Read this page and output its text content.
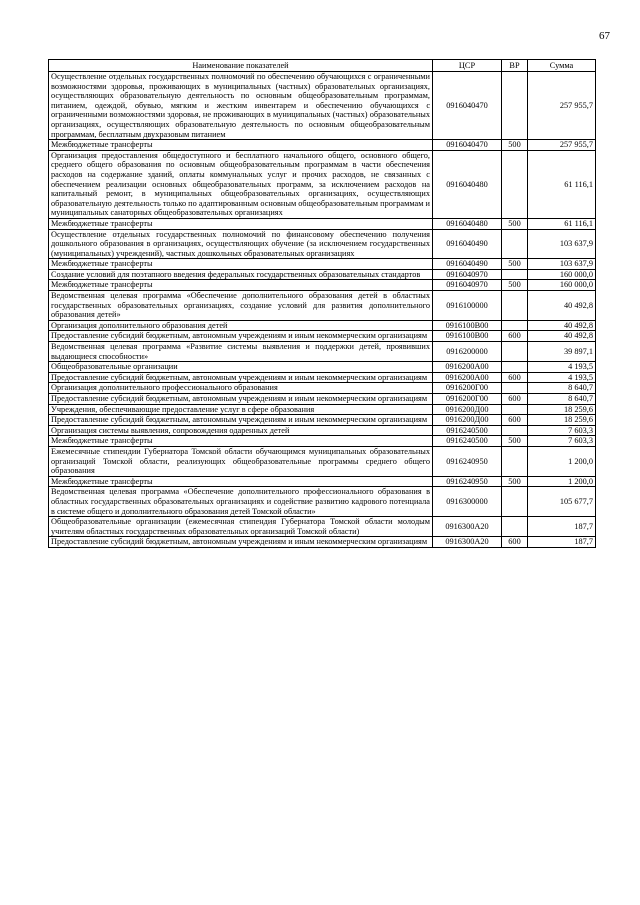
67
Наименование показателей	ЦСР	ВР	Сумма
Осуществление отдельных государственных полномочий по обеспечению обучающихся с ограниченными возможностями здоровья, проживающих в муниципальных (частных) образовательных организациях, осуществляющих образовательную деятельность по основным общеобразовательным программам, питанием, одеждой, обувью, мягким и жестким инвентарем и обеспечению обучающихся с ограниченными возможностями здоровья, не проживающих в муниципальных (частных) образовательных организациях, осуществляющих образовательную деятельность по основным общеобразовательным программам, бесплатным двухразовым питанием	0916040470		257 955,7
Межбюджетные трансферты	0916040470	500	257 955,7
Организация предоставления общедоступного и бесплатного начального общего, основного общего, среднего общего образования по основным общеобразовательным программам в части обеспечения расходов на содержание зданий, оплаты коммунальных услуг и прочих расходов, не связанных с обеспечением реализации основных общеобразовательных программ, за исключением расходов на капитальный ремонт, в муниципальных общеобразовательных организациях, осуществляющих образовательную деятельность только по адаптированным основным общеобразовательным программам и муниципальных санаторных общеобразовательных организациях	0916040480		61 116,1
Межбюджетные трансферты	0916040480	500	61 116,1
Осуществление отдельных государственных полномочий по финансовому обеспечению получения дошкольного образования в организациях, осуществляющих обучение (за исключением государственных (муниципальных) учреждений), частных дошкольных образовательных организациях	0916040490		103 637,9
Межбюджетные трансферты	0916040490	500	103 637,9
Создание условий для поэтапного введения федеральных государственных образовательных стандартов	0916040970		160 000,0
Межбюджетные трансферты	0916040970	500	160 000,0
Ведомственная целевая программа «Обеспечение дополнительного образования детей в областных государственных образовательных организациях, создание условий для развития дополнительного образования детей»	0916100000		40 492,8
Организация дополнительного образования детей	0916100В00		40 492,8
Предоставление субсидий бюджетным, автономным учреждениям и иным некоммерческим организациям	0916100В00	600	40 492,8
Ведомственная целевая программа «Развитие системы выявления и поддержки детей, проявивших выдающиеся способности»	0916200000		39 897,1
Общеобразовательные организации	0916200А00		4 193,5
Предоставление субсидий бюджетным, автономным учреждениям и иным некоммерческим организациям	0916200А00	600	4 193,5
Организация дополнительного профессионального образования	0916200Г00		8 640,7
Предоставление субсидий бюджетным, автономным учреждениям и иным некоммерческим организациям	0916200Г00	600	8 640,7
Учреждения, обеспечивающие предоставление услуг в сфере образования	0916200Д00		18 259,6
Предоставление субсидий бюджетным, автономным учреждениям и иным некоммерческим организациям	0916200Д00	600	18 259,6
Организация системы выявления, сопровождения одаренных детей	0916240500		7 603,3
Межбюджетные трансферты	0916240500	500	7 603,3
Ежемесячные стипендии Губернатора Томской области обучающимся муниципальных образовательных организаций Томской области, реализующих общеобразовательные программы среднего общего образования	0916240950		1 200,0
Межбюджетные трансферты	0916240950	500	1 200,0
Ведомственная целевая программа «Обеспечение дополнительного профессионального образования в областных государственных образовательных организациях и содействие развитию кадрового потенциала в системе общего и дополнительного образования детей Томской области»	0916300000		105 677,7
Общеобразовательные организации (ежемесячная стипендия Губернатора Томской области молодым учителям областных государственных образовательных организаций Томской области)	0916300А20		187,7
Предоставление субсидий бюджетным, автономным учреждениям и иным некоммерческим организациям	0916300А20	600	187,7
